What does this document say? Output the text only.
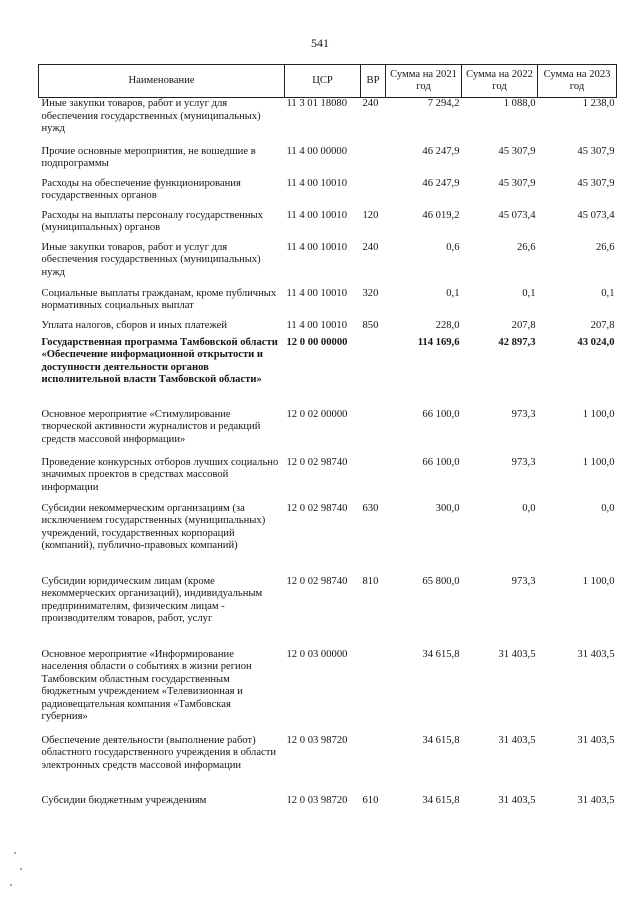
541
Наименование	ЦСР	ВР	Сумма на 2021 год	Сумма на 2022 год	Сумма на 2023 год
Иные закупки товаров, работ и услуг для обеспечения государственных (муниципальных) нужд	11 3 01 18080	240	7 294,2	1 088,0	1 238,0
Прочие основные мероприятия, не вошедшие в подпрограммы	11 4 00 00000		46 247,9	45 307,9	45 307,9
Расходы на обеспечение функционирования государственных органов	11 4 00 10010		46 247,9	45 307,9	45 307,9
Расходы на выплаты персоналу государственных (муниципальных) органов	11 4 00 10010	120	46 019,2	45 073,4	45 073,4
Иные закупки товаров, работ и услуг для обеспечения государственных (муниципальных) нужд	11 4 00 10010	240	0,6	26,6	26,6
Социальные выплаты гражданам, кроме публичных нормативных социальных выплат	11 4 00 10010	320	0,1	0,1	0,1
Уплата налогов, сборов и иных платежей	11 4 00 10010	850	228,0	207,8	207,8
Государственная программа Тамбовской области «Обеспечение информационной открытости и доступности деятельности органов исполнительной власти Тамбовской области»	12 0 00 00000		114 169,6	42 897,3	43 024,0
Основное мероприятие «Стимулирование творческой активности журналистов и редакций средств массовой информации»	12 0 02 00000		66 100,0	973,3	1 100,0
Проведение конкурсных отборов лучших социально значимых проектов в средствах массовой информации	12 0 02 98740		66 100,0	973,3	1 100,0
Субсидии некоммерческим организациям (за исключением государственных (муниципальных) учреждений, государственных корпораций (компаний), публично-правовых компаний)	12 0 02 98740	630	300,0	0,0	0,0
Субсидии юридическим лицам (кроме некоммерческих организаций), индивидуальным предпринимателям, физическим лицам - производителям товаров, работ, услуг	12 0 02 98740	810	65 800,0	973,3	1 100,0
Основное мероприятие «Информирование населения области о событиях в жизни регион Тамбовским областным государственным бюджетным учреждением «Телевизионная и радиовещательная компания «Тамбовская губерния»	12 0 03 00000		34 615,8	31 403,5	31 403,5
Обеспечение деятельности (выполнение работ) областного государственного учреждения в области электронных средств массовой информации	12 0 03 98720		34 615,8	31 403,5	31 403,5
Субсидии бюджетным учреждениям	12 0 03 98720	610	34 615,8	31 403,5	31 403,5
